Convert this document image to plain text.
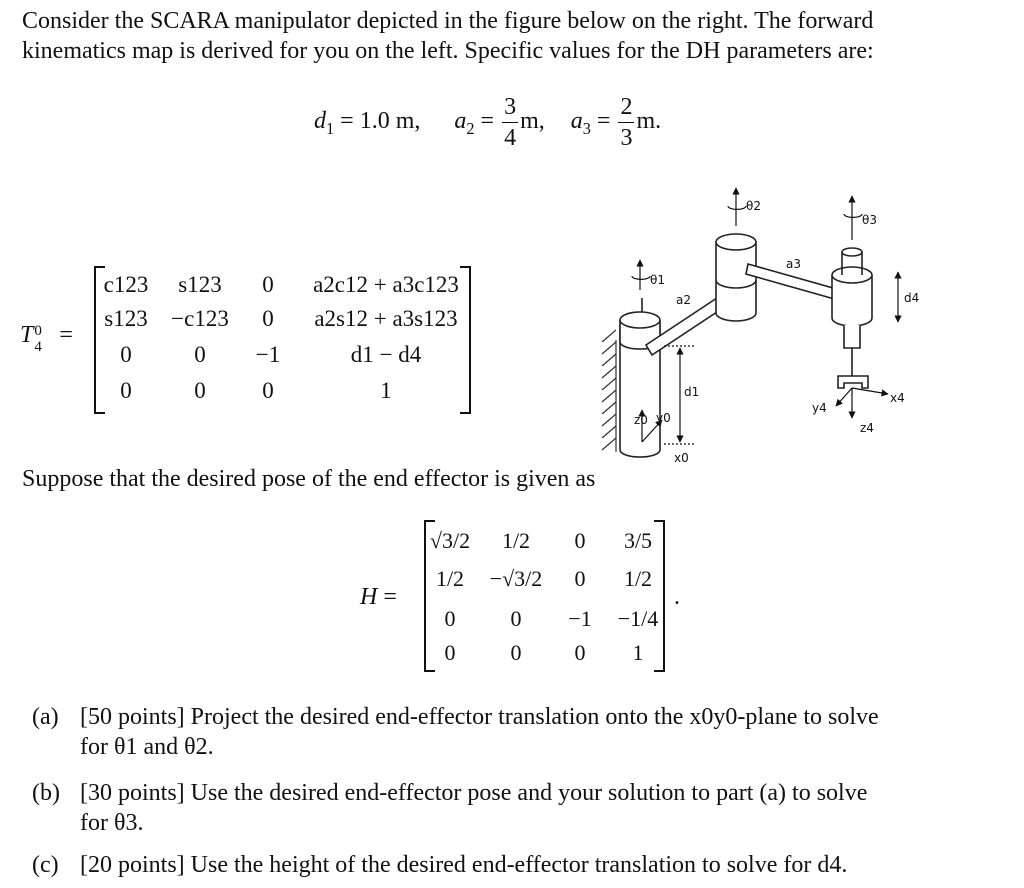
Consider the SCARA manipulator depicted in the figure below on the right. The forward
kinematics map is derived for you on the left. Specific values for the DH parameters are:
$d_1 = 1.0$ m, $a_2 = \frac{3}{4} m$, $a_3 = \frac{2}{3} m$.
T 0
4 =
c123	s123	0	a2c12 + a3c123
s123	−c123	0	a2s12 + a3s123
0	0	−1	d1 − d4
0	0	0	1
θ1
θ2
θ3
a2
a3
d1
d4
z0 y0
x0
x4
y4
z4
Suppose that the desired pose of the end effector is given as
H =	.
√3/2	1/2	0	3/5
1/2	−√3/2	0	1/2
0	0	−1	−1/4
0	0	0	1
(a) [50 points] Project the desired end-effector translation onto the x0y0-plane to solve
for θ1 and θ2.
(b) [30 points] Use the desired end-effector pose and your solution to part (a) to solve
for θ3.
(c) [20 points] Use the height of the desired end-effector translation to solve for d4.
